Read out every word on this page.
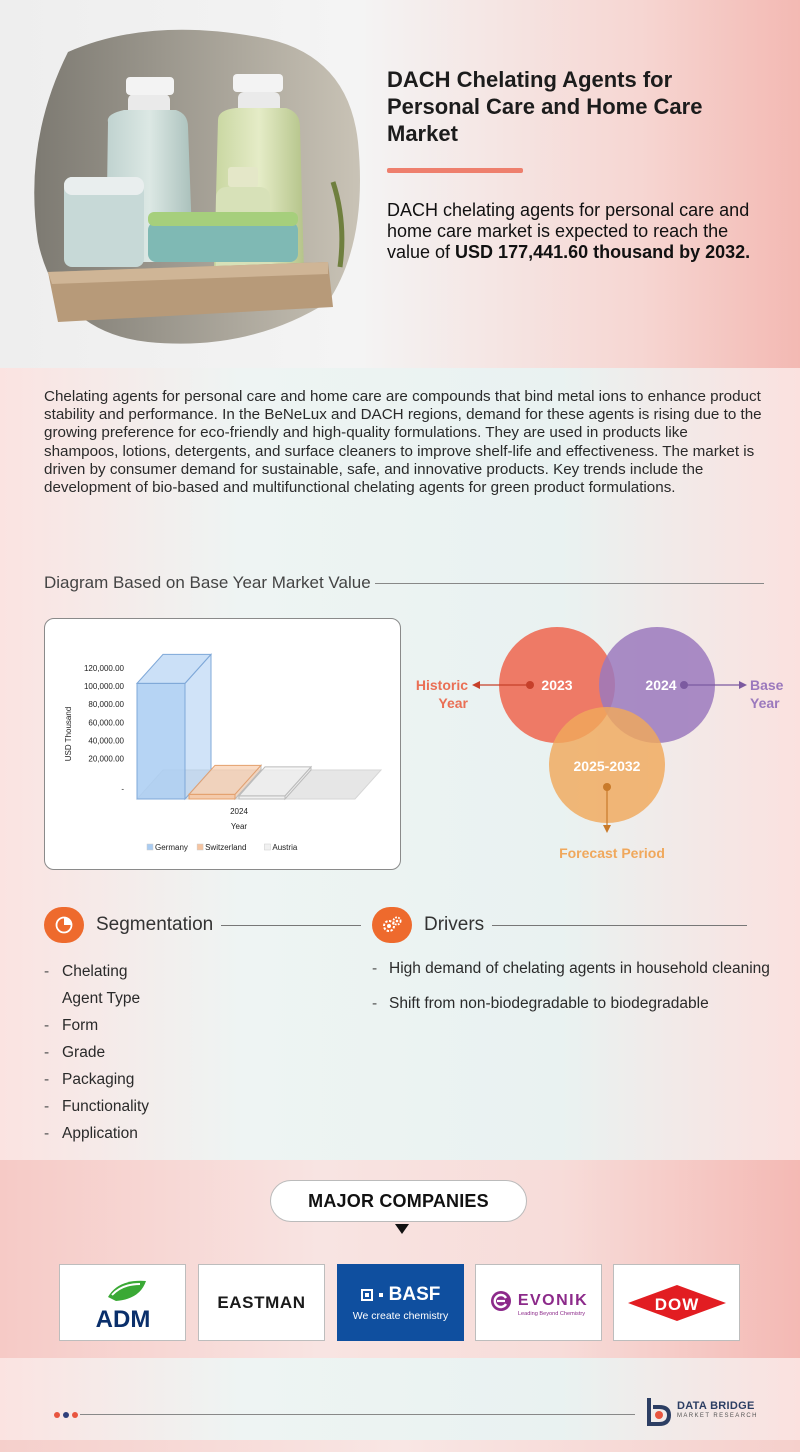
DACH Chelating Agents for Personal Care and Home Care Market
DACH chelating agents for personal care and home care market is expected to reach the value of USD 177,441.60 thousand by 2032.

Chelating agents for personal care and home care are compounds that bind metal ions to enhance product stability and performance. In the BeNeLux and DACH regions, demand for these agents is rising due to the growing preference for eco-friendly and high-quality formulations. They are used in products like shampoos, lotions, detergents, and surface cleaners to improve shelf-life and effectiveness. The market is driven by consumer demand for sustainable, safe, and innovative products. Key trends include the development of bio-based and multifunctional chelating agents for green product formulations.

Diagram Based on Base Year Market Value
120,000.00
100,000.00
80,000.00
60,000.00
40,000.00
20,000.00
-
USD Thousand
2024
Year
Germany Switzerland	Austria
2023	2024
2025-2032
Historic
Year
Base
Year
Forecast Period
Segmentation
- Chelating Agent Type
- Form
- Grade
- Packaging
- Functionality
- Application
Drivers
- High demand of chelating agents in household cleaning
- Shift from non-biodegradable to biodegradable
MAJOR COMPANIES
ADM
EASTMAN	BASF
We create chemistry
EVONIK
Leading Beyond Chemistry	DOW
DATA BRIDGE
MARKET RESEARCH
